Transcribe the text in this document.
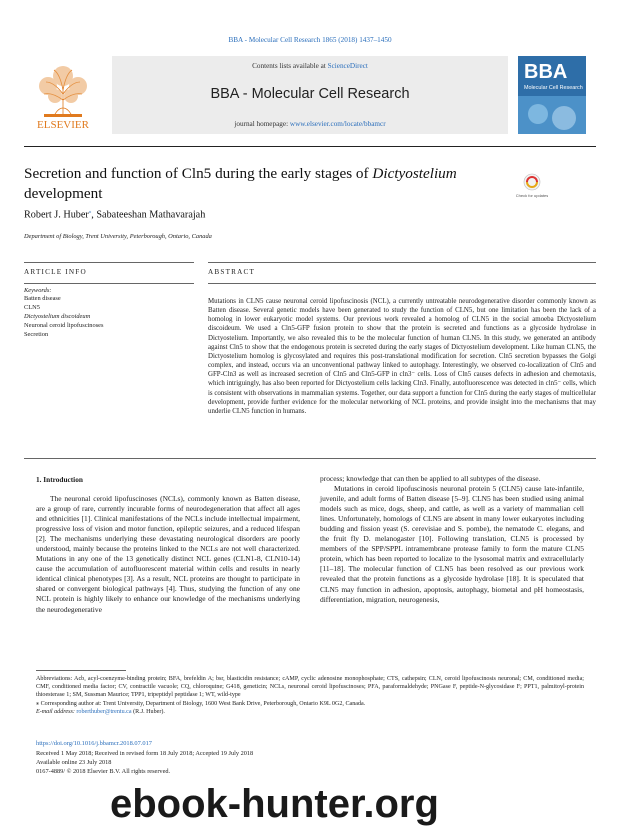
BBA - Molecular Cell Research 1865 (2018) 1437–1450
ELSEVIER
Contents lists available at ScienceDirect
BBA - Molecular Cell Research
journal homepage: www.elsevier.com/locate/bbamcr
BBA
Molecular Cell Research
Secretion and function of Cln5 during the early stages of Dictyostelium development	Check for updates
Robert J. Huber⁎, Sabateeshan Mathavarajah
Department of Biology, Trent University, Peterborough, Ontario, Canada
ARTICLE INFO	ABSTRACT
Keywords:
Batten disease
CLN5
Dictyostelium discoideum
Neuronal ceroid lipofuscinoses
Secretion
Mutations in CLN5 cause neuronal ceroid lipofuscinosis (NCL), a currently untreatable neurodegenerative disorder commonly known as Batten disease. Several genetic models have been generated to study the function of CLN5, but one limitation has been the lack of a homolog in lower eukaryotic model systems. Our previous work revealed a homolog of CLN5 in the social amoeba Dictyostelium discoideum. We used a Cln5-GFP fusion protein to show that the protein is secreted and functions as a glycoside hydrolase in Dictyostelium. Importantly, we also revealed this to be the molecular function of human CLN5. In this study, we generated an antibody against Cln5 to show that the endogenous protein is secreted during the early stages of Dictyostelium development. Like human CLN5, the Dictyostelium homolog is glycosylated and requires this post-translational modification for secretion. Cln5 secretion bypasses the Golgi complex, and instead, occurs via an unconventional pathway linked to autophagy. Interestingly, we observed co-localization of Cln5 and GFP-Cln3 as well as increased secretion of Cln5 and Cln5-GFP in cln3⁻ cells. Loss of Cln5 causes defects in adhesion and chemotaxis, which intriguingly, has also been reported for Dictyostelium cells lacking Cln3. Finally, autofluorescence was detected in cln5⁻ cells, which is consistent with observations in mammalian systems. Together, our data support a function for Cln5 during the early stages of multicellular development, provide further evidence for the molecular networking of NCL proteins, and provide insight into the mechanisms that may underlie CLN5 function in humans.
1. Introduction
The neuronal ceroid lipofuscinoses (NCLs), commonly known as Batten disease, are a group of rare, currently incurable forms of neurodegeneration that affect all ages and ethnicities [1]. Clinical manifestations of the NCLs include intellectual impairment, progressive loss of vision and motor function, epileptic seizures, and a reduced lifespan [2]. The mechanisms underlying these devastating neurological disorders are poorly understood, mainly because the proteins linked to the NCLs are not well characterized. Mutations in any one of the 13 genetically distinct NCL genes (CLN1-8, CLN10-14) cause the accumulation of autofluorescent material within cells and results in nearly identical clinical phenotypes [3]. As a result, NCL proteins are thought to participate in shared or convergent biological pathways [4]. Thus, studying the function of any one NCL protein is highly likely to enhance our knowledge of the mechanisms underlying the neurodegenerative

process; knowledge that can then be applied to all subtypes of the disease.

Mutations in ceroid lipofuscinosis neuronal protein 5 (CLN5) cause late-infantile, juvenile, and adult forms of Batten disease [5–9]. CLN5 has been studied using animal models such as mice, dogs, sheep, and cattle, as well as a variety of mammalian cell lines. Unfortunately, homologs of CLN5 are absent in many lower eukaryotes including budding and fission yeast (S. cerevisiae and S. pombe), the nematode C. elegans, and the fruit fly D. melanogaster [10]. Following translation, CLN5 is processed by members of the SPP/SPPL intramembrane protease family to form the mature CLN5 protein, which has been reported to localize to the lysosomal matrix and extracellularly [11–18]. The molecular function of CLN5 has been resolved as our previous work revealed that the protein functions as a glycoside hydrolase [18]. It is speculated that CLN5 may function in adhesion, apoptosis, autophagy, biometal and pH homeostasis, differentiation, migration, neurogenesis,

Abbreviations: Acb, acyl-coenzyme-binding protein; BFA, brefeldin A; bsr, blasticidin resistance; cAMP, cyclic adenosine monophosphate; CTS, cathepsin; CLN, ceroid lipofuscinosis neuronal; CM, conditioned media; CMF, conditioned media factor; CV, contractile vacuole; CQ, chloroquine; G418, geneticin; NCLs, neuronal ceroid lipofuscinoses; PFA, paraformaldehyde; PNGase F, peptide-N-glycosidase F; PPT1, palmitoyl-protein thioesterase 1; SM, Sussman Maurice; TPP1, tripeptidyl peptidase 1; WT, wild-type

⁎ Corresponding author at: Trent University, Department of Biology, 1600 West Bank Drive, Peterborough, Ontario K9L 0G2, Canada.

E-mail address: roberthuber@trentu.ca (R.J. Huber).

https://doi.org/10.1016/j.bbamcr.2018.07.017
Received 1 May 2018; Received in revised form 18 July 2018; Accepted 19 July 2018
Available online 23 July 2018
0167-4889/ © 2018 Elsevier B.V. All rights reserved.
ebook-hunter.org
